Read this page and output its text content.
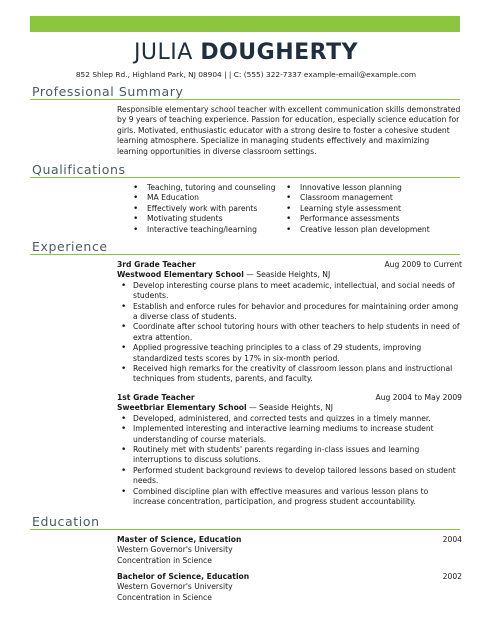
JULIA DOUGHERTY
852 Shlep Rd., Highland Park, NJ 08904 | | C: (555) 322-7337 example-email@example.com
Professional Summary
Responsible elementary school teacher with excellent communication skills demonstrated by 9 years of teaching experience. Passion for education, especially science education for girls. Motivated, enthusiastic educator with a strong desire to foster a cohesive student learning atmosphere. Specialize in managing students effectively and maximizing learning opportunities in diverse classroom settings.
Qualifications
• Teaching, tutoring and counseling
• MA Education
• Effectively work with parents
• Motivating students
• Interactive teaching/learning
• Innovative lesson planning
• Classroom management
• Learning style assessment
• Performance assessments
• Creative lesson plan development
Experience
3rd Grade Teacher	Aug 2009 to Current
Westwood Elementary School — Seaside Heights, NJ
• Develop interesting course plans to meet academic, intellectual, and social needs of students.
• Establish and enforce rules for behavior and procedures for maintaining order among a diverse class of students.
• Coordinate after school tutoring hours with other teachers to help students in need of extra attention.
• Applied progressive teaching principles to a class of 29 students, improving standardized tests scores by 17% in six-month period.
• Received high remarks for the creativity of classroom lesson plans and instructional techniques from students, parents, and faculty.
1st Grade Teacher	Aug 2004 to May 2009
Sweetbriar Elementary School — Seaside Heights, NJ
• Developed, administered, and corrected tests and quizzes in a timely manner.
• Implemented interesting and interactive learning mediums to increase student understanding of course materials.
• Routinely met with students' parents regarding in-class issues and learning interruptions to discuss solutions.
• Performed student background reviews to develop tailored lessons based on student needs.
• Combined discipline plan with effective measures and various lesson plans to increase concentration, participation, and progress student accountability.
Education
Master of Science, Education	2004
Western Governor's University
Concentration in Science
Bachelor of Science, Education	2002
Western Governor's University
Concentration in Science
